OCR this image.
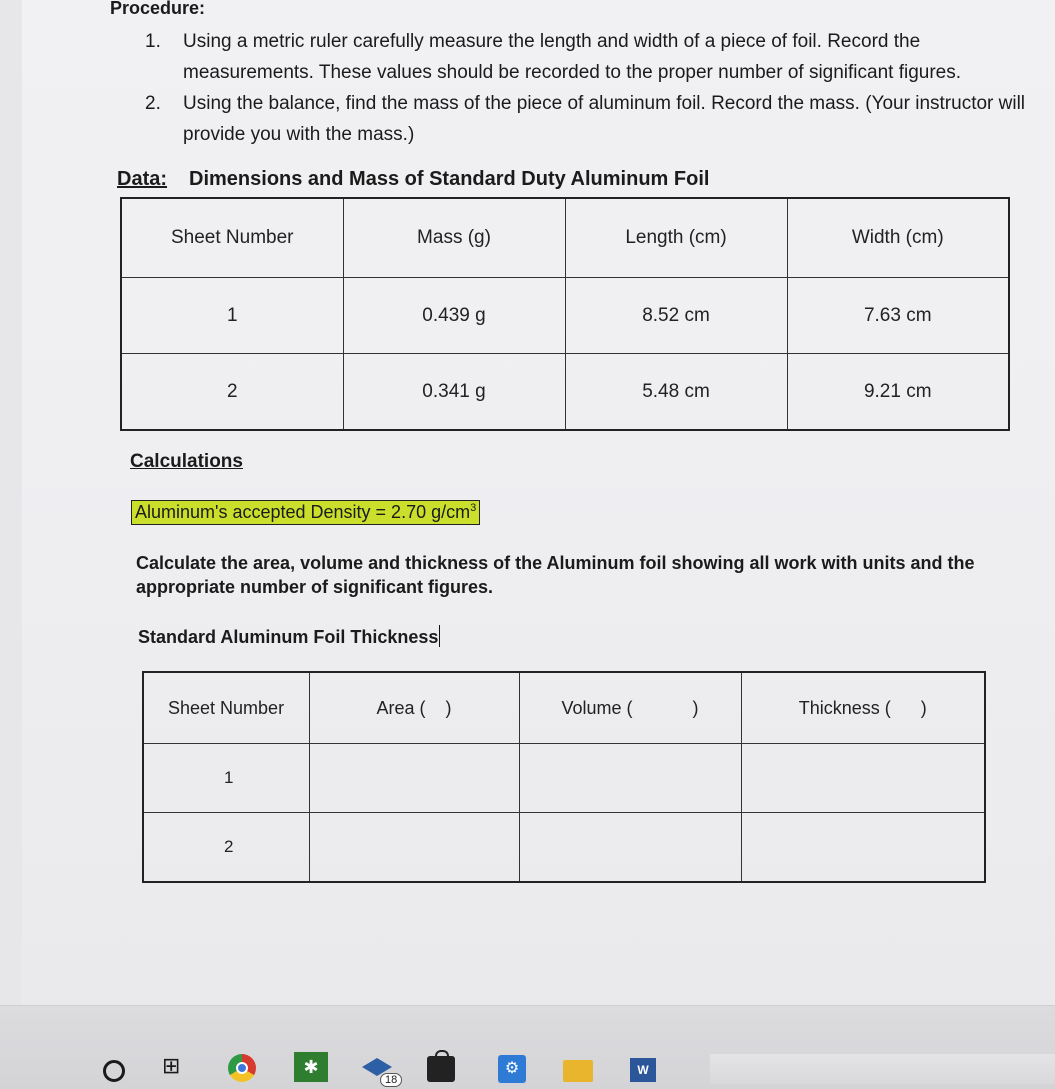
Procedure:
1.	Using a metric ruler carefully measure the length and width of a piece of foil. Record the measurements. These values should be recorded to the proper number of significant figures.
2.	Using the balance, find the mass of the piece of aluminum foil. Record the mass. (Your instructor will provide you with the mass.)
Data: Dimensions and Mass of Standard Duty Aluminum Foil
Sheet Number	Mass (g)	Length (cm)	Width (cm)
1	0.439 g	8.52 cm	7.63 cm
2	0.341 g	5.48 cm	9.21 cm
Calculations
Aluminum's accepted Density = 2.70 $g/cm^3$
Calculate the area, volume and thickness of the Aluminum foil showing all work with units and the appropriate number of significant figures.
Standard Aluminum Foil Thickness
Sheet Number	Area (    )	Volume (            )	Thickness (      )
1			
2			
⊞	✱	⚙	W
18
